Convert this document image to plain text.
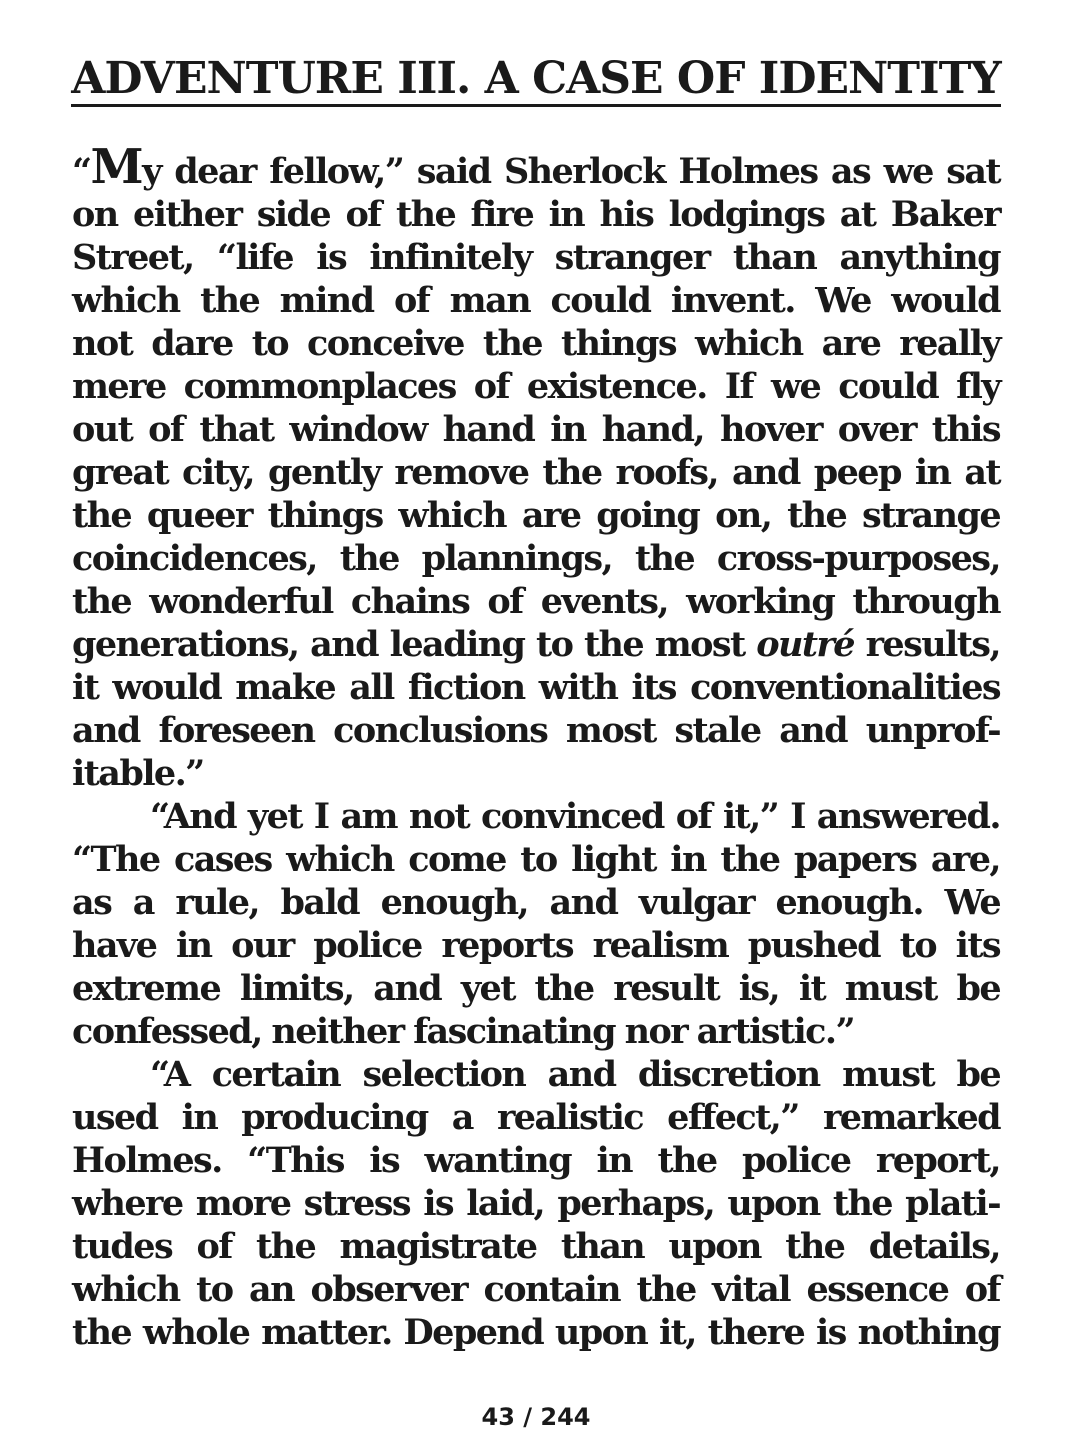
ADVENTURE III. A CASE OF IDENTITY

“My dear fellow,” said Sherlock Holmes as we sat
on either side of the fire in his lodgings at Baker
Street, “life is infinitely stranger than anything
which the mind of man could invent. We would
not dare to conceive the things which are really
mere commonplaces of existence. If we could fly
out of that window hand in hand, hover over this
great city, gently remove the roofs, and peep in at
the queer things which are going on, the strange
coincidences, the plannings, the cross-purposes,
the wonderful chains of events, working through
generations, and leading to the most outré results,
it would make all fiction with its conventionalities
and foreseen conclusions most stale and unprof-
itable.”

“And yet I am not convinced of it,” I answered.
“The cases which come to light in the papers are,
as a rule, bald enough, and vulgar enough. We
have in our police reports realism pushed to its
extreme limits, and yet the result is, it must be
confessed, neither fascinating nor artistic.”

“A certain selection and discretion must be
used in producing a realistic effect,” remarked
Holmes. “This is wanting in the police report,
where more stress is laid, perhaps, upon the plati-
tudes of the magistrate than upon the details,
which to an observer contain the vital essence of
the whole matter. Depend upon it, there is nothing

43 / 244
